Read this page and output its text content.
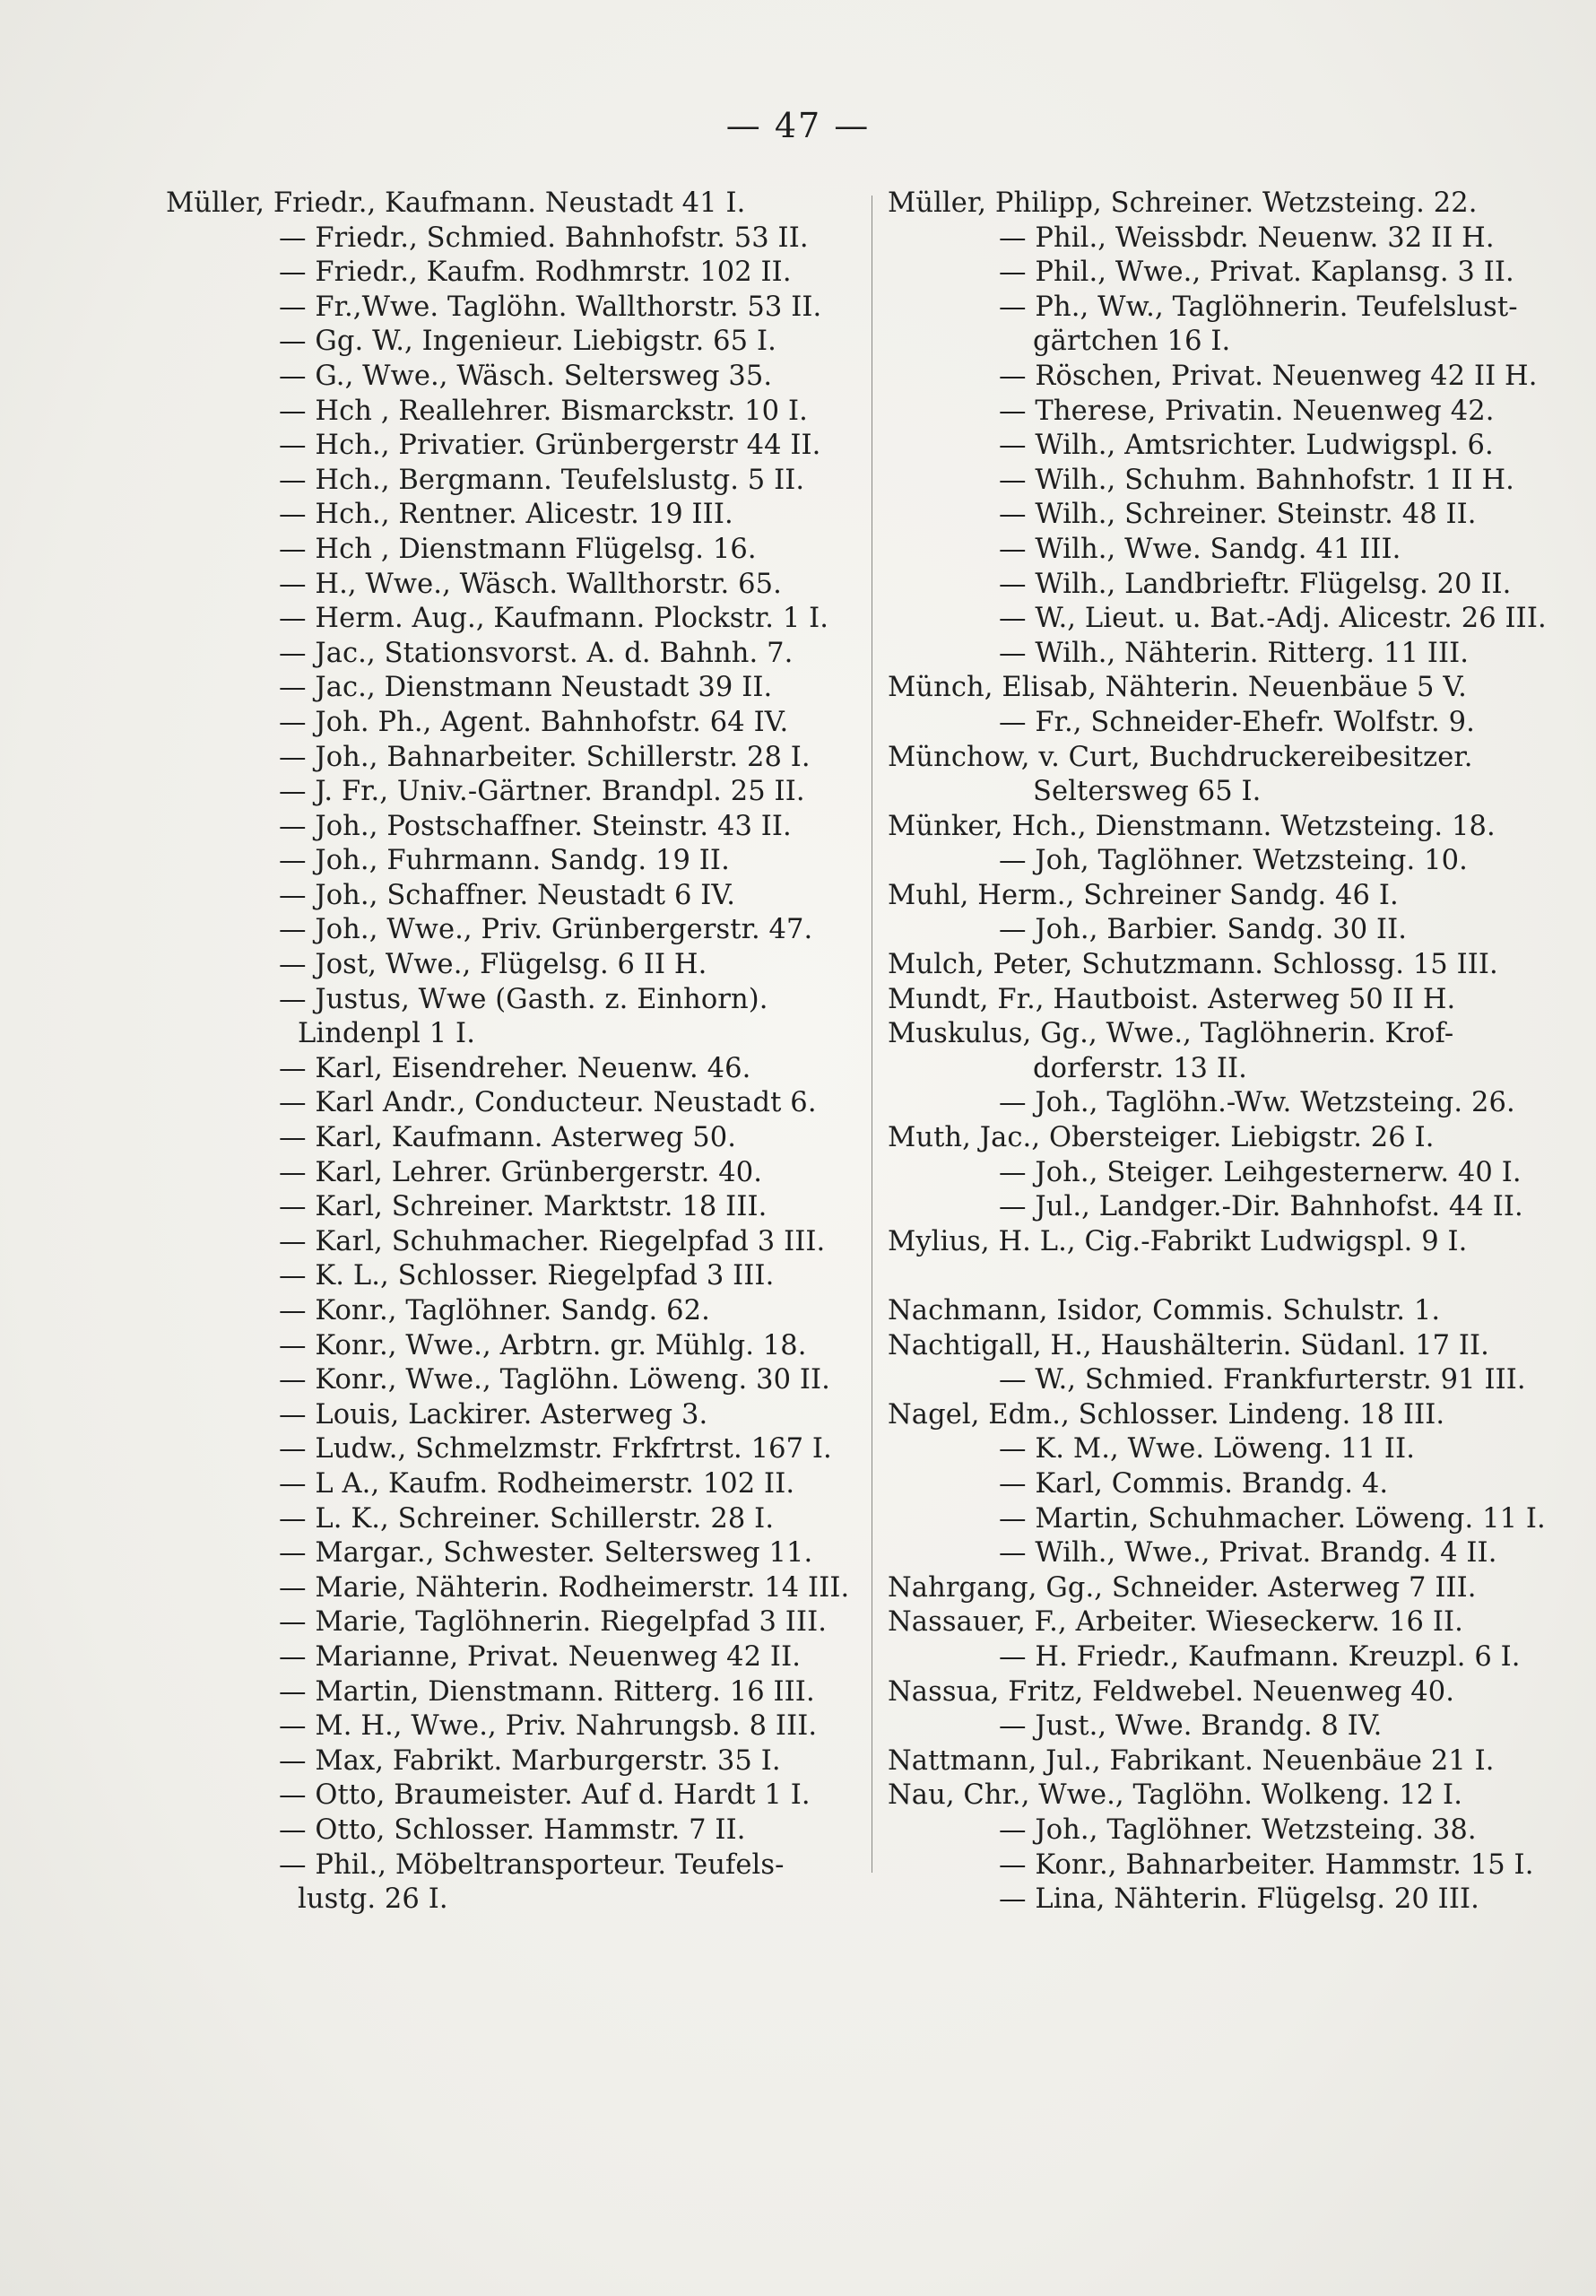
— 47 —
Müller, Friedr., Kaufmann. Neustadt 41 I.
— Friedr., Schmied. Bahnhofstr. 53 II.
— Friedr., Kaufm. Rodhmrstr. 102 II.
— Fr.,Wwe. Taglöhn. Wallthorstr. 53 II.
— Gg. W., Ingenieur. Liebigstr. 65 I.
— G., Wwe., Wäsch. Seltersweg 35.
— Hch , Reallehrer. Bismarckstr. 10 I.
— Hch., Privatier. Grünbergerstr 44 II.
— Hch., Bergmann. Teufelslustg. 5 II.
— Hch., Rentner. Alicestr. 19 III.
— Hch , Dienstmann Flügelsg. 16.
— H., Wwe., Wäsch. Wallthorstr. 65.
— Herm. Aug., Kaufmann. Plockstr. 1 I.
— Jac., Stationsvorst. A. d. Bahnh. 7.
— Jac., Dienstmann Neustadt 39 II.
— Joh. Ph., Agent. Bahnhofstr. 64 IV.
— Joh., Bahnarbeiter. Schillerstr. 28 I.
— J. Fr., Univ.-Gärtner. Brandpl. 25 II.
— Joh., Postschaffner. Steinstr. 43 II.
— Joh., Fuhrmann. Sandg. 19 II.
— Joh., Schaffner. Neustadt 6 IV.
— Joh., Wwe., Priv. Grünbergerstr. 47.
— Jost, Wwe., Flügelsg. 6 II H.
— Justus, Wwe (Gasth. z. Einhorn).
Lindenpl 1 I.
— Karl, Eisendreher. Neuenw. 46.
— Karl Andr., Conducteur. Neustadt 6.
— Karl, Kaufmann. Asterweg 50.
— Karl, Lehrer. Grünbergerstr. 40.
— Karl, Schreiner. Marktstr. 18 III.
— Karl, Schuhmacher. Riegelpfad 3 III.
— K. L., Schlosser. Riegelpfad 3 III.
— Konr., Taglöhner. Sandg. 62.
— Konr., Wwe., Arbtrn. gr. Mühlg. 18.
— Konr., Wwe., Taglöhn. Löweng. 30 II.
— Louis, Lackirer. Asterweg 3.
— Ludw., Schmelzmstr. Frkfrtrst. 167 I.
— L A., Kaufm. Rodheimerstr. 102 II.
— L. K., Schreiner. Schillerstr. 28 I.
— Margar., Schwester. Seltersweg 11.
— Marie, Nähterin. Rodheimerstr. 14 III.
— Marie, Taglöhnerin. Riegelpfad 3 III.
— Marianne, Privat. Neuenweg 42 II.
— Martin, Dienstmann. Ritterg. 16 III.
— M. H., Wwe., Priv. Nahrungsb. 8 III.
— Max, Fabrikt. Marburgerstr. 35 I.
— Otto, Braumeister. Auf d. Hardt 1 I.
— Otto, Schlosser. Hammstr. 7 II.
— Phil., Möbeltransporteur. Teufels-
lustg. 26 I.
Müller, Philipp, Schreiner. Wetzsteing. 22.
— Phil., Weissbdr. Neuenw. 32 II H.
— Phil., Wwe., Privat. Kaplansg. 3 II.
— Ph., Ww., Taglöhnerin. Teufelslust-
gärtchen 16 I.
— Röschen, Privat. Neuenweg 42 II H.
— Therese, Privatin. Neuenweg 42.
— Wilh., Amtsrichter. Ludwigspl. 6.
— Wilh., Schuhm. Bahnhofstr. 1 II H.
— Wilh., Schreiner. Steinstr. 48 II.
— Wilh., Wwe. Sandg. 41 III.
— Wilh., Landbrieftr. Flügelsg. 20 II.
— W., Lieut. u. Bat.-Adj. Alicestr. 26 III.
— Wilh., Nähterin. Ritterg. 11 III.
Münch, Elisab, Nähterin. Neuenbäue 5 V.
— Fr., Schneider-Ehefr. Wolfstr. 9.
Münchow, v. Curt, Buchdruckereibesitzer.
Seltersweg 65 I.
Münker, Hch., Dienstmann. Wetzsteing. 18.
— Joh, Taglöhner. Wetzsteing. 10.
Muhl, Herm., Schreiner Sandg. 46 I.
— Joh., Barbier. Sandg. 30 II.
Mulch, Peter, Schutzmann. Schlossg. 15 III.
Mundt, Fr., Hautboist. Asterweg 50 II H.
Muskulus, Gg., Wwe., Taglöhnerin. Krof-
dorferstr. 13 II.
— Joh., Taglöhn.-Ww. Wetzsteing. 26.
Muth, Jac., Obersteiger. Liebigstr. 26 I.
— Joh., Steiger. Leihgesternerw. 40 I.
— Jul., Landger.-Dir. Bahnhofst. 44 II.
Mylius, H. L., Cig.-Fabrikt Ludwigspl. 9 I.
Nachmann, Isidor, Commis. Schulstr. 1.
Nachtigall, H., Haushälterin. Südanl. 17 II.
— W., Schmied. Frankfurterstr. 91 III.
Nagel, Edm., Schlosser. Lindeng. 18 III.
— K. M., Wwe. Löweng. 11 II.
— Karl, Commis. Brandg. 4.
— Martin, Schuhmacher. Löweng. 11 I.
— Wilh., Wwe., Privat. Brandg. 4 II.
Nahrgang, Gg., Schneider. Asterweg 7 III.
Nassauer, F., Arbeiter. Wieseckerw. 16 II.
— H. Friedr., Kaufmann. Kreuzpl. 6 I.
Nassua, Fritz, Feldwebel. Neuenweg 40.
— Just., Wwe. Brandg. 8 IV.
Nattmann, Jul., Fabrikant. Neuenbäue 21 I.
Nau, Chr., Wwe., Taglöhn. Wolkeng. 12 I.
— Joh., Taglöhner. Wetzsteing. 38.
— Konr., Bahnarbeiter. Hammstr. 15 I.
— Lina, Nähterin. Flügelsg. 20 III.
